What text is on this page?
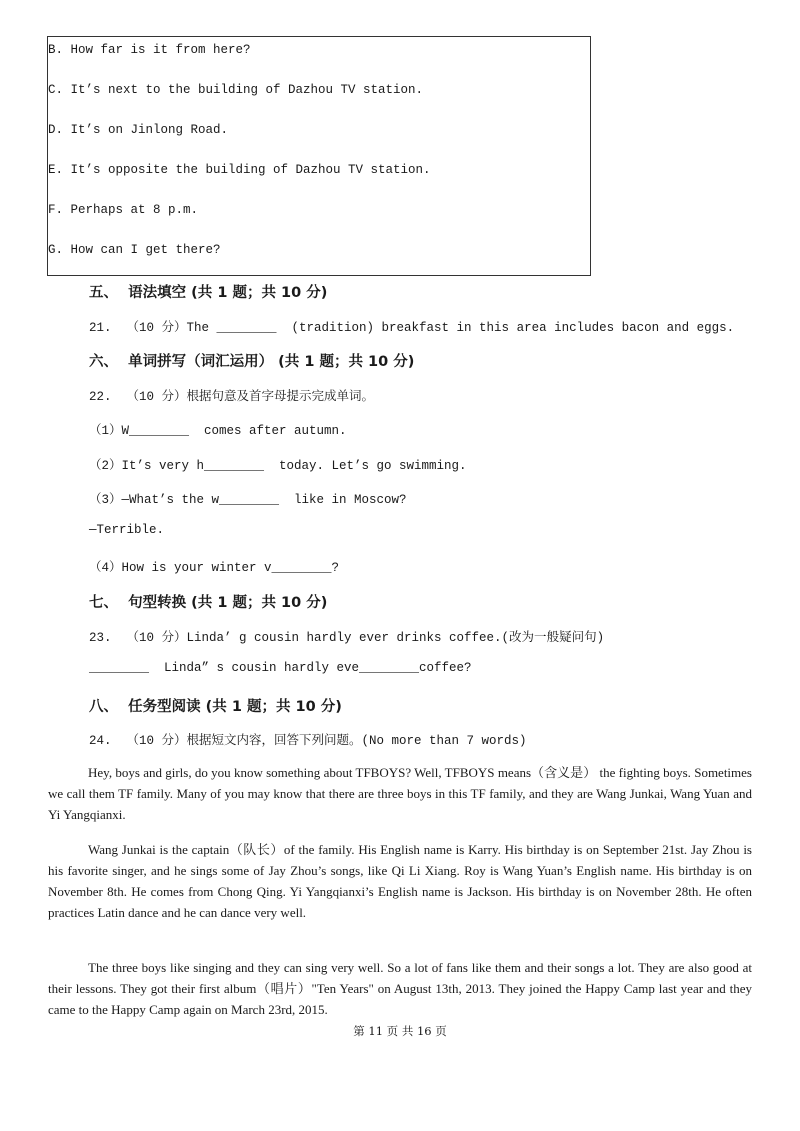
B. How far is it from here?
C. It’s next to the building of Dazhou TV station.
D. It’s on Jinlong Road.
E. It’s opposite the building of Dazhou TV station.
F. Perhaps at 8 p.m.
G. How can I get there?
五、  语法填空 (共 1 题；共 10 分)
21.  （10 分）The ________  (tradition) breakfast in this area includes bacon and eggs.
六、  单词拼写（词汇运用） (共 1 题；共 10 分)
22.  （10 分）根据句意及首字母提示完成单词。
（1）W________  comes after autumn.
（2）It’s very h________  today. Let’s go swimming.
（3）—What’s the w________  like in Moscow?
—Terrible.
（4）How is your winter v________?
七、  句型转换 (共 1 题；共 10 分)
23.  （10 分）Linda’ g cousin hardly ever drinks coffee.(改为一般疑问句)
________  Linda” s cousin hardly eve________coffee?
八、  任务型阅读 (共 1 题；共 10 分)
24.  （10 分）根据短文内容，回答下列问题。(No more than 7 words)

Hey, boys and girls, do you know something about TFBOYS? Well, TFBOYS means（含义是） the fighting boys. Sometimes we call them TF family. Many of you may know that there are three boys in this TF family, and they are Wang Junkai, Wang Yuan and Yi Yangqianxi.

Wang Junkai is the captain（队长）of the family. His English name is Karry. His birthday is on September 21st. Jay Zhou is his favorite singer, and he sings some of Jay Zhou’s songs, like Qi Li Xiang. Roy is Wang Yuan’s English name. His birthday is on November 8th. He comes from Chong Qing. Yi Yangqianxi’s English name is Jackson. His birthday is on November 28th. He often practices Latin dance and he can dance very well.

The three boys like singing and they can sing very well. So a lot of fans like them and their songs a lot. They are also good at their lessons. They got their first album（唱片）"Ten Years" on August 13th, 2013. They joined the Happy Camp last year and they came to the Happy Camp again on March 23rd, 2015.

第 11 页 共 16 页
